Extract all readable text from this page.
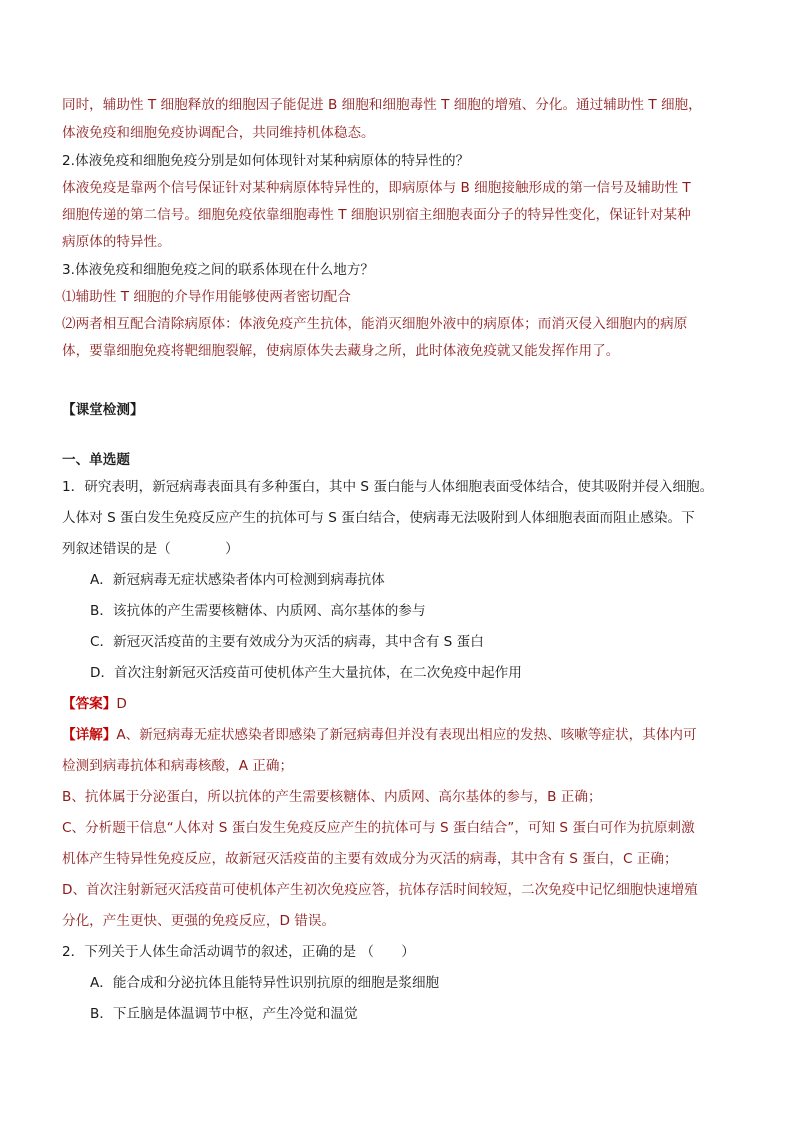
同时，辅助性 T 细胞释放的细胞因子能促进 B 细胞和细胞毒性 T 细胞的增殖、分化。通过辅助性 T 细胞，
体液免疫和细胞免疫协调配合，共同维持机体稳态。
2.体液免疫和细胞免疫分别是如何体现针对某种病原体的特异性的？
体液免疫是靠两个信号保证针对某种病原体特异性的，即病原体与 B 细胞接触形成的第一信号及辅助性 T
细胞传递的第二信号。细胞免疫依靠细胞毒性 T 细胞识别宿主细胞表面分子的特异性变化，保证针对某种
病原体的特异性。
3.体液免疫和细胞免疫之间的联系体现在什么地方？
⑴辅助性 T 细胞的介导作用能够使两者密切配合
⑵两者相互配合清除病原体：体液免疫产生抗体，能消灭细胞外液中的病原体；而消灭侵入细胞内的病原
体，要靠细胞免疫将靶细胞裂解，使病原体失去藏身之所，此时体液免疫就又能发挥作用了。
【课堂检测】
一、单选题
1．研究表明，新冠病毒表面具有多种蛋白，其中 S 蛋白能与人体细胞表面受体结合，使其吸附并侵入细胞。
人体对 S 蛋白发生免疫反应产生的抗体可与 S 蛋白结合，使病毒无法吸附到人体细胞表面而阻止感染。下
列叙述错误的是（　　　　）
A．新冠病毒无症状感染者体内可检测到病毒抗体
B．该抗体的产生需要核糖体、内质网、高尔基体的参与
C．新冠灭活疫苗的主要有效成分为灭活的病毒，其中含有 S 蛋白
D．首次注射新冠灭活疫苗可使机体产生大量抗体，在二次免疫中起作用
【答案】D
【详解】A、新冠病毒无症状感染者即感染了新冠病毒但并没有表现出相应的发热、咳嗽等症状，其体内可
检测到病毒抗体和病毒核酸，A 正确；
B、抗体属于分泌蛋白，所以抗体的产生需要核糖体、内质网、高尔基体的参与，B 正确；
C、分析题干信息“人体对 S 蛋白发生免疫反应产生的抗体可与 S 蛋白结合”，可知 S 蛋白可作为抗原刺激
机体产生特异性免疫反应，故新冠灭活疫苗的主要有效成分为灭活的病毒，其中含有 S 蛋白，C 正确；
D、首次注射新冠灭活疫苗可使机体产生初次免疫应答，抗体存活时间较短，二次免疫中记忆细胞快速增殖
分化，产生更快、更强的免疫反应，D 错误。
2．下列关于人体生命活动调节的叙述，正确的是 （　　）
A．能合成和分泌抗体且能特异性识别抗原的细胞是浆细胞
B．下丘脑是体温调节中枢，产生冷觉和温觉
